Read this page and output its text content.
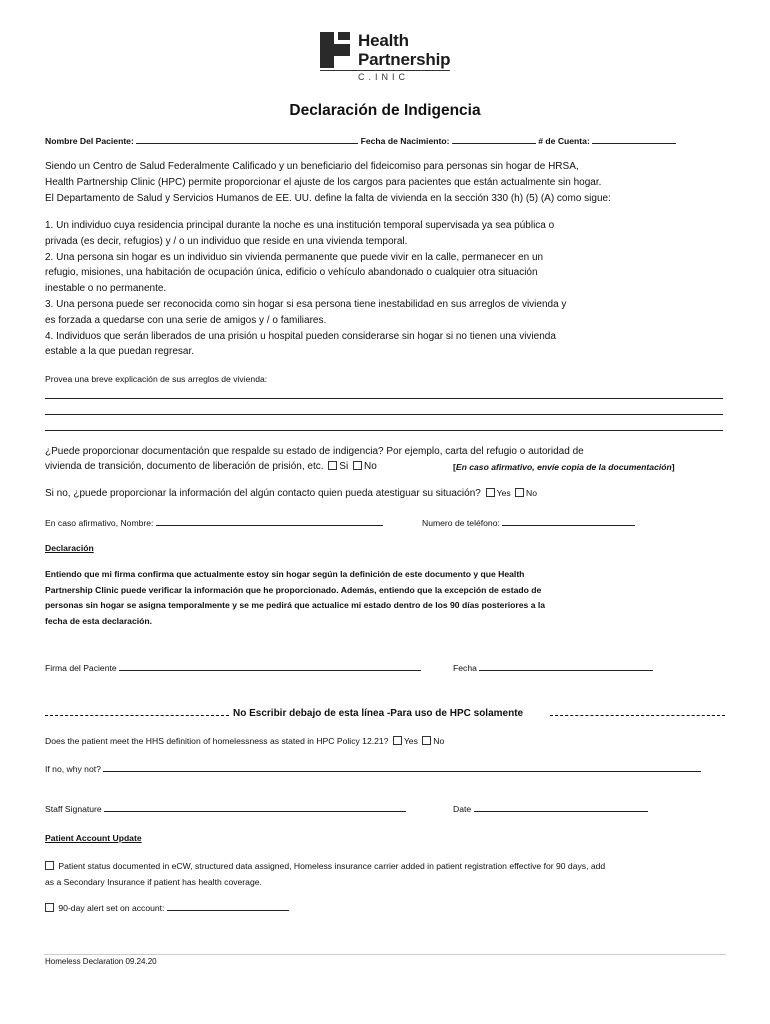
Health
Partnership
C.INIC
Declaración de Indigencia
Nombre Del Paciente:	Fecha de Nacimiento:	# de Cuenta:
Siendo un Centro de Salud Federalmente Calificado y un beneficiario del fideicomiso para personas sin hogar de HRSA,
Health Partnership Clinic (HPC) permite proporcionar el ajuste de los cargos para pacientes que están actualmente sin hogar.
El Departamento de Salud y Servicios Humanos de EE. UU. define la falta de vivienda en la sección 330 (h) (5) (A) como sigue:
1. Un individuo cuya residencia principal durante la noche es una institución temporal supervisada ya sea pública o
privada (es decir, refugios) y / o un individuo que reside en una vivienda temporal.
2. Una persona sin hogar es un individuo sin vivienda permanente que puede vivir en la calle, permanecer en un
refugio, misiones, una habitación de ocupación única, edificio o vehículo abandonado o cualquier otra situación
inestable o no permanente.
3. Una persona puede ser reconocida como sin hogar si esa persona tiene inestabilidad en sus arreglos de vivienda y
es forzada a quedarse con una serie de amigos y / o familiares.
4. Individuos que serán liberados de una prisión u hospital pueden considerarse sin hogar si no tienen una vivienda
estable a la que puedan regresar.
Provea una breve explicación de sus arreglos de vivienda:
¿Puede proporcionar documentación que respalde su estado de indigencia? Por ejemplo, carta del refugio o autoridad de
vivienda de transición, documento de liberación de prisión, etc. Si No	[En caso afirmativo, envíe copia de la documentación]
Si no, ¿puede proporcionar la información del algún contacto quien pueda atestiguar su situación? Yes No
En caso afirmativo, Nombre:	Numero de teléfono:
Declaración
Entiendo que mi firma confirma que actualmente estoy sin hogar según la definición de este documento y que Health
Partnership Clinic puede verificar la información que he proporcionado. Además, entiendo que la excepción de estado de
personas sin hogar se asigna temporalmente y se me pedirá que actualice mi estado dentro de los 90 días posteriores a la
fecha de esta declaración.
Firma del Paciente	Fecha
No Escribir debajo de esta línea -Para uso de HPC solamente
Does the patient meet the HHS definition of homelessness as stated in HPC Policy 12.21? Yes No
If no, why not?
Staff Signature	Date
Patient Account Update
Patient status documented in eCW, structured data assigned, Homeless insurance carrier added in patient registration effective for 90 days, add
as a Secondary Insurance if patient has health coverage.
90-day alert set on account:
Homeless Declaration 09.24.20
